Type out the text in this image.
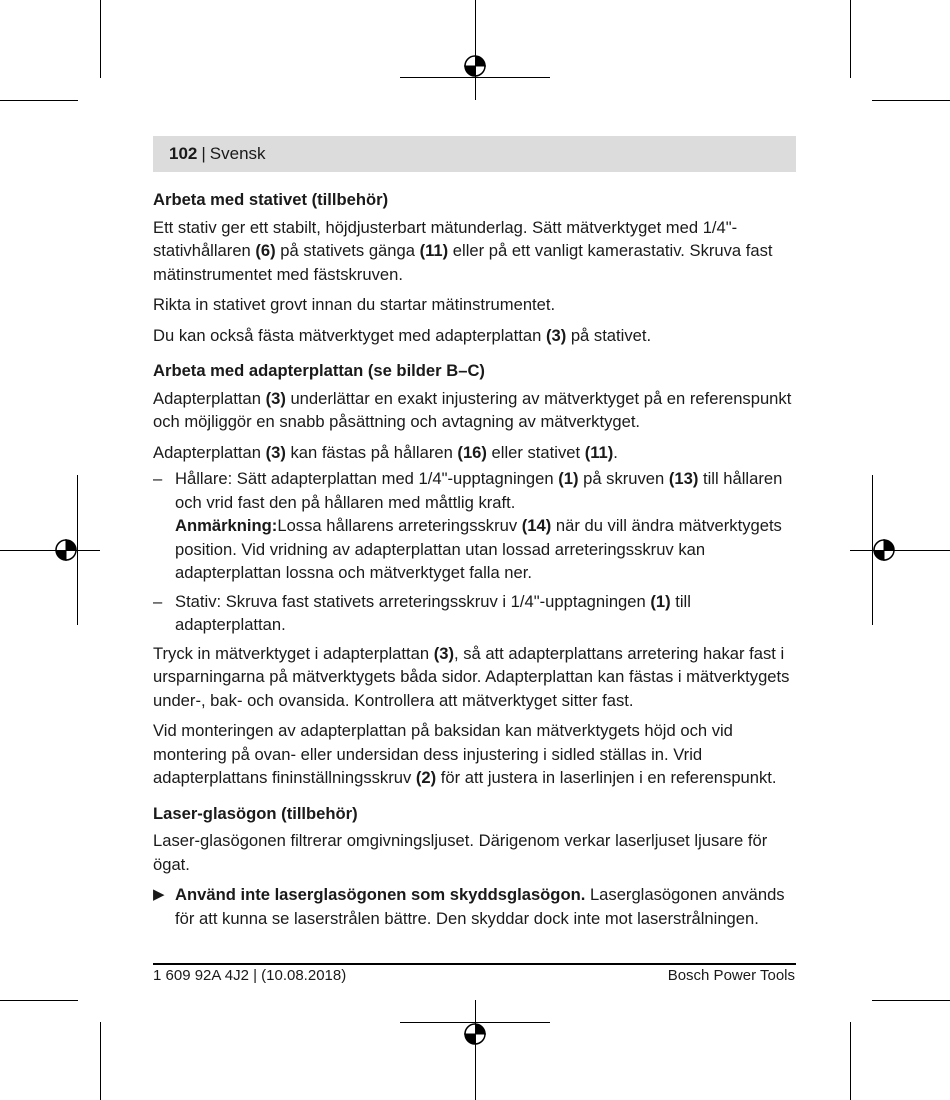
102 | Svensk
Arbeta med stativet (tillbehör)

Ett stativ ger ett stabilt, höjdjusterbart mätunderlag. Sätt mätverktyget med 1/4"-stativhållaren (6) på stativets gänga (11) eller på ett vanligt kamerastativ. Skruva fast mätinstrumentet med fästskruven.

Rikta in stativet grovt innan du startar mätinstrumentet.

Du kan också fästa mätverktyget med adapterplattan (3) på stativet.

Arbeta med adapterplattan (se bilder B–C)

Adapterplattan (3) underlättar en exakt injustering av mätverktyget på en referenspunkt och möjliggör en snabb påsättning och avtagning av mätverktyget.

Adapterplattan (3) kan fästas på hållaren (16) eller stativet (11).

– Hållare: Sätt adapterplattan med 1/4"-upptagningen (1) på skruven (13) till hållaren och vrid fast den på hållaren med måttlig kraft.
Anmärkning:Lossa hållarens arreteringsskruv (14) när du vill ändra mätverktygets position. Vid vridning av adapterplattan utan lossad arreteringsskruv kan adapterplattan lossna och mätverktyget falla ner.
– Stativ: Skruva fast stativets arreteringsskruv i 1/4"-upptagningen (1) till adapterplattan.

Tryck in mätverktyget i adapterplattan (3), så att adapterplattans arretering hakar fast i ursparningarna på mätverktygets båda sidor. Adapterplattan kan fästas i mätverktygets under-, bak- och ovansida. Kontrollera att mätverktyget sitter fast.

Vid monteringen av adapterplattan på baksidan kan mätverktygets höjd och vid montering på ovan- eller undersidan dess injustering i sidled ställas in. Vrid adapterplattans fininställningsskruv (2) för att justera in laserlinjen i en referenspunkt.

Laser-glasögon (tillbehör)

Laser-glasögonen filtrerar omgivningsljuset. Därigenom verkar laserljuset ljusare för ögat.

▶ Använd inte laserglasögonen som skyddsglasögon. Laserglasögonen används för att kunna se laserstrålen bättre. Den skyddar dock inte mot laserstrålningen.
1 609 92A 4J2 | (10.08.2018)	Bosch Power Tools
